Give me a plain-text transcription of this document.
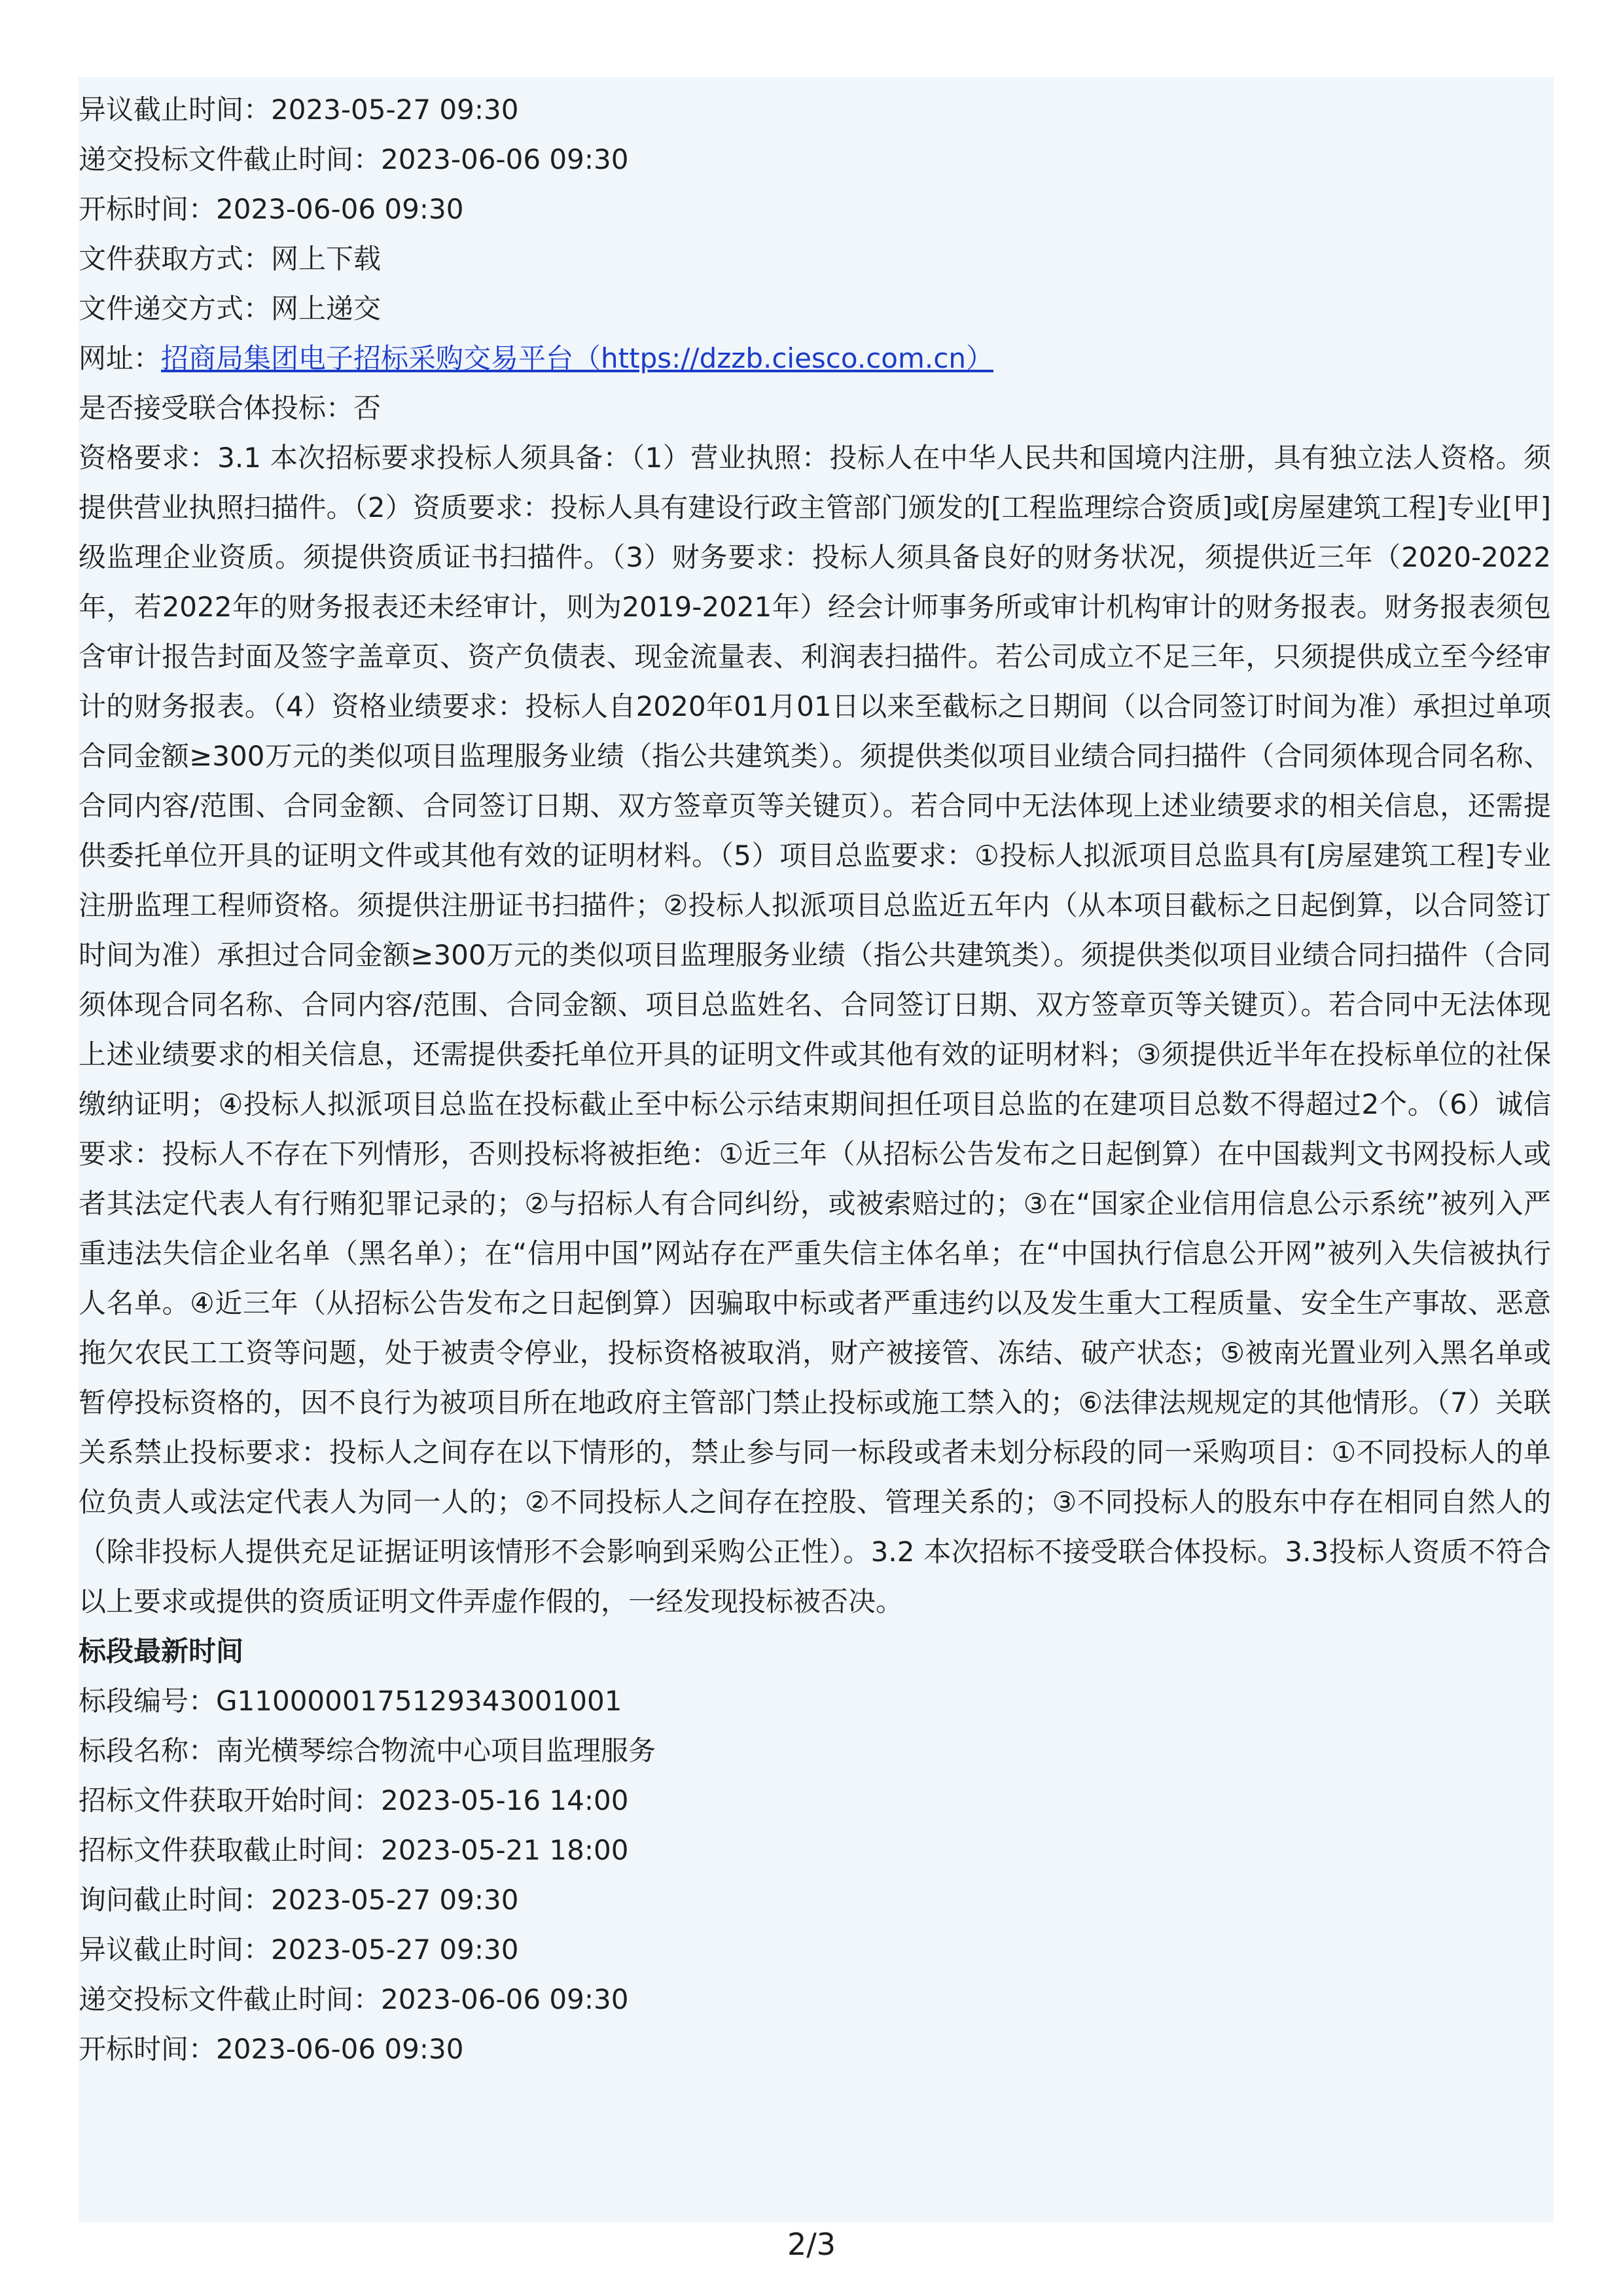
异议截止时间：2023-05-27 09:30
递交投标文件截止时间：2023-06-06 09:30
开标时间：2023-06-06 09:30
文件获取方式：网上下载
文件递交方式：网上递交
网址：招商局集团电子招标采购交易平台（https://dzzb.ciesco.com.cn）
是否接受联合体投标：否

资格要求：3.1 本次招标要求投标人须具备：（1）营业执照：投标人在中华人民共和国境内注册，具有独立法人资格。须提供营业执照扫描件。（2）资质要求：投标人具有建设行政主管部门颁发的[工程监理综合资质]或[房屋建筑工程]专业[甲]级监理企业资质。须提供资质证书扫描件。（3）财务要求：投标人须具备良好的财务状况，须提供近三年（2020-2022年，若2022年的财务报表还未经审计，则为2019-2021年）经会计师事务所或审计机构审计的财务报表。财务报表须包含审计报告封面及签字盖章页、资产负债表、现金流量表、利润表扫描件。若公司成立不足三年，只须提供成立至今经审计的财务报表。（4）资格业绩要求：投标人自2020年01月01日以来至截标之日期间（以合同签订时间为准）承担过单项合同金额≥300万元的类似项目监理服务业绩（指公共建筑类）。须提供类似项目业绩合同扫描件（合同须体现合同名称、合同内容/范围、合同金额、合同签订日期、双方签章页等关键页）。若合同中无法体现上述业绩要求的相关信息，还需提供委托单位开具的证明文件或其他有效的证明材料。（5）项目总监要求：①投标人拟派项目总监具有[房屋建筑工程]专业注册监理工程师资格。须提供注册证书扫描件；②投标人拟派项目总监近五年内（从本项目截标之日起倒算，以合同签订时间为准）承担过合同金额≥300万元的类似项目监理服务业绩（指公共建筑类）。须提供类似项目业绩合同扫描件（合同须体现合同名称、合同内容/范围、合同金额、项目总监姓名、合同签订日期、双方签章页等关键页）。若合同中无法体现上述业绩要求的相关信息，还需提供委托单位开具的证明文件或其他有效的证明材料；③须提供近半年在投标单位的社保缴纳证明；④投标人拟派项目总监在投标截止至中标公示结束期间担任项目总监的在建项目总数不得超过2个。（6）诚信要求：投标人不存在下列情形，否则投标将被拒绝：①近三年（从招标公告发布之日起倒算）在中国裁判文书网投标人或者其法定代表人有行贿犯罪记录的；②与招标人有合同纠纷，或被索赔过的；③在“国家企业信用信息公示系统”被列入严重违法失信企业名单（黑名单）；在“信用中国”网站存在严重失信主体名单；在“中国执行信息公开网”被列入失信被执行人名单。④近三年（从招标公告发布之日起倒算）因骗取中标或者严重违约以及发生重大工程质量、安全生产事故、恶意拖欠农民工工资等问题，处于被责令停业，投标资格被取消，财产被接管、冻结、破产状态；⑤被南光置业列入黑名单或暂停投标资格的，因不良行为被项目所在地政府主管部门禁止投标或施工禁入的；⑥法律法规规定的其他情形。（7）关联关系禁止投标要求：投标人之间存在以下情形的，禁止参与同一标段或者未划分标段的同一采购项目：①不同投标人的单位负责人或法定代表人为同一人的；②不同投标人之间存在控股、管理关系的；③不同投标人的股东中存在相同自然人的（除非投标人提供充足证据证明该情形不会影响到采购公正性）。3.2 本次招标不接受联合体投标。3.3投标人资质不符合以上要求或提供的资质证明文件弄虚作假的，一经发现投标被否决。

标段最新时间
标段编号：G1100000175129343001001
标段名称：南光横琴综合物流中心项目监理服务
招标文件获取开始时间：2023-05-16 14:00
招标文件获取截止时间：2023-05-21 18:00
询问截止时间：2023-05-27 09:30
异议截止时间：2023-05-27 09:30
递交投标文件截止时间：2023-06-06 09:30
开标时间：2023-06-06 09:30
2/3
